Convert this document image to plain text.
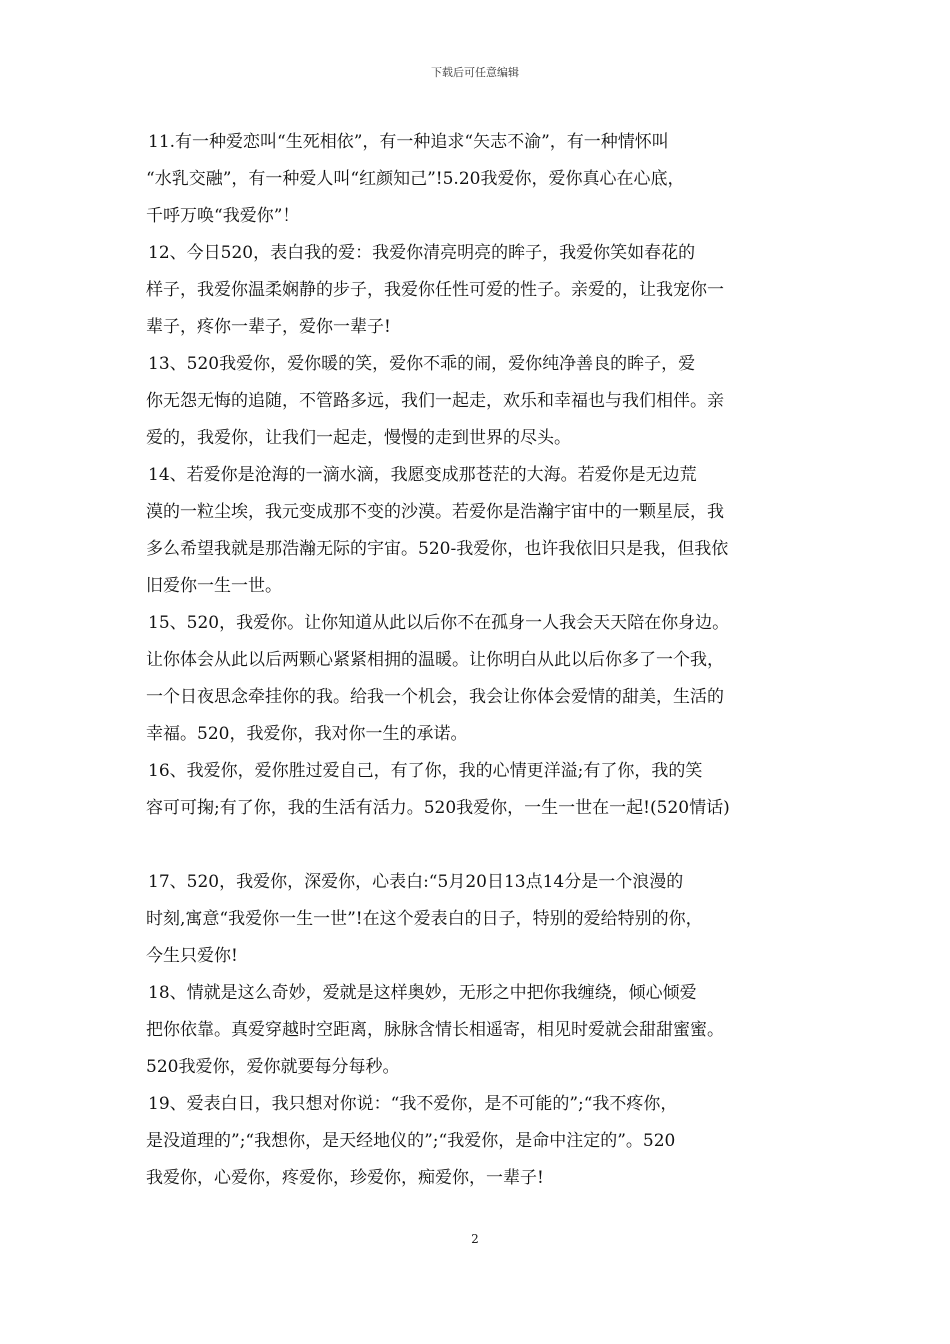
下载后可任意编辑
11.有一种爱恋叫“生死相依”，有一种追求“矢志不渝”，有一种情怀叫
“水乳交融”，有一种爱人叫“红颜知己”!5.20我爱你，爱你真心在心底，
千呼万唤“我爱你”！
12、今日520，表白我的爱：我爱你清亮明亮的眸子，我爱你笑如春花的
样子，我爱你温柔娴静的步子，我爱你任性可爱的性子。亲爱的，让我宠你一
辈子，疼你一辈子，爱你一辈子!
13、520我爱你，爱你暖的笑，爱你不乖的闹，爱你纯净善良的眸子，爱
你无怨无悔的追随，不管路多远，我们一起走，欢乐和幸福也与我们相伴。亲
爱的，我爱你，让我们一起走，慢慢的走到世界的尽头。
14、若爱你是沧海的一滴水滴，我愿变成那苍茫的大海。若爱你是无边荒
漠的一粒尘埃，我元变成那不变的沙漠。若爱你是浩瀚宇宙中的一颗星辰，我
多么希望我就是那浩瀚无际的宇宙。520-我爱你，也许我依旧只是我，但我依
旧爱你一生一世。
15、520，我爱你。让你知道从此以后你不在孤身一人我会天天陪在你身边。
让你体会从此以后两颗心紧紧相拥的温暖。让你明白从此以后你多了一个我，
一个日夜思念牵挂你的我。给我一个机会，我会让你体会爱情的甜美，生活的
幸福。520，我爱你，我对你一生的承诺。
16、我爱你，爱你胜过爱自己，有了你，我的心情更洋溢;有了你，我的笑
容可可掬;有了你，我的生活有活力。520我爱你，一生一世在一起!(520情话)
17、520，我爱你，深爱你，心表白:“5月20日13点14分是一个浪漫的
时刻,寓意“我爱你一生一世”!在这个爱表白的日子，特别的爱给特别的你，
今生只爱你!
18、情就是这么奇妙，爱就是这样奥妙，无形之中把你我缠绕，倾心倾爱
把你依靠。真爱穿越时空距离，脉脉含情长相遥寄，相见时爱就会甜甜蜜蜜。
520我爱你，爱你就要每分每秒。
19、爱表白日，我只想对你说：“我不爱你，是不可能的”;“我不疼你，
是没道理的”;“我想你，是天经地仪的”;“我爱你，是命中注定的”。520
我爱你，心爱你，疼爱你，珍爱你，痴爱你，一辈子!
2
